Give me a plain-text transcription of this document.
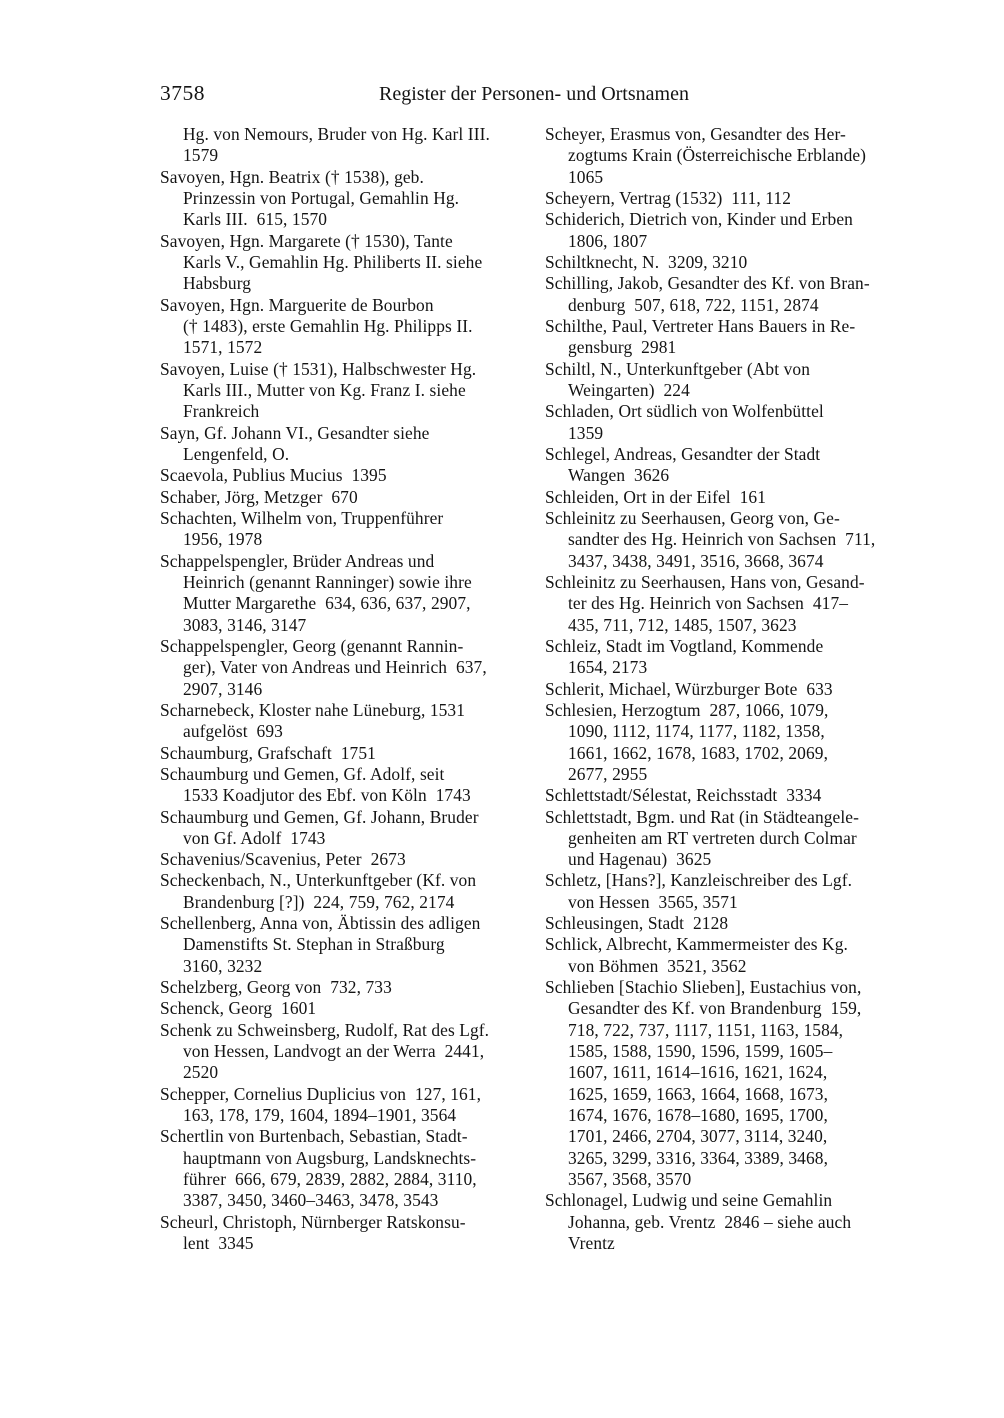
3758	Register der Personen- und Ortsnamen
Hg. von Nemours, Bruder von Hg. Karl III.
1579
Savoyen, Hgn. Beatrix († 1538), geb.
Prinzessin von Portugal, Gemahlin Hg.
Karls III.  615, 1570
Savoyen, Hgn. Margarete († 1530), Tante
Karls V., Gemahlin Hg. Philiberts II. siehe
Habsburg
Savoyen, Hgn. Marguerite de Bourbon
(† 1483), erste Gemahlin Hg. Philipps II.
1571, 1572
Savoyen, Luise († 1531), Halbschwester Hg.
Karls III., Mutter von Kg. Franz I. siehe
Frankreich
Sayn, Gf. Johann VI., Gesandter siehe
Lengenfeld, O.
Scaevola, Publius Mucius  1395
Schaber, Jörg, Metzger  670
Schachten, Wilhelm von, Truppenführer
1956, 1978
Schappelspengler, Brüder Andreas und
Heinrich (genannt Ranninger) sowie ihre
Mutter Margarethe  634, 636, 637, 2907,
3083, 3146, 3147
Schappelspengler, Georg (genannt Rannin-
ger), Vater von Andreas und Heinrich  637,
2907, 3146
Scharnebeck, Kloster nahe Lüneburg, 1531
aufgelöst  693
Schaumburg, Grafschaft  1751
Schaumburg und Gemen, Gf. Adolf, seit
1533 Koadjutor des Ebf. von Köln  1743
Schaumburg und Gemen, Gf. Johann, Bruder
von Gf. Adolf  1743
Schavenius/Scavenius, Peter  2673
Scheckenbach, N., Unterkunftgeber (Kf. von
Brandenburg [?])  224, 759, 762, 2174
Schellenberg, Anna von, Äbtissin des adligen
Damenstifts St. Stephan in Straßburg
3160, 3232
Schelzberg, Georg von  732, 733
Schenck, Georg  1601
Schenk zu Schweinsberg, Rudolf, Rat des Lgf.
von Hessen, Landvogt an der Werra  2441,
2520
Schepper, Cornelius Duplicius von  127, 161,
163, 178, 179, 1604, 1894–1901, 3564
Schertlin von Burtenbach, Sebastian, Stadt-
hauptmann von Augsburg, Landsknechts-
führer  666, 679, 2839, 2882, 2884, 3110,
3387, 3450, 3460–3463, 3478, 3543
Scheurl, Christoph, Nürnberger Ratskonsu-
lent  3345
Scheyer, Erasmus von, Gesandter des Her-
zogtums Krain (Österreichische Erblande)
1065
Scheyern, Vertrag (1532)  111, 112
Schiderich, Dietrich von, Kinder und Erben
1806, 1807
Schiltknecht, N.  3209, 3210
Schilling, Jakob, Gesandter des Kf. von Bran-
denburg  507, 618, 722, 1151, 2874
Schilthe, Paul, Vertreter Hans Bauers in Re-
gensburg  2981
Schiltl, N., Unterkunftgeber (Abt von
Weingarten)  224
Schladen, Ort südlich von Wolfenbüttel
1359
Schlegel, Andreas, Gesandter der Stadt
Wangen  3626
Schleiden, Ort in der Eifel  161
Schleinitz zu Seerhausen, Georg von, Ge-
sandter des Hg. Heinrich von Sachsen  711,
3437, 3438, 3491, 3516, 3668, 3674
Schleinitz zu Seerhausen, Hans von, Gesand-
ter des Hg. Heinrich von Sachsen  417–
435, 711, 712, 1485, 1507, 3623
Schleiz, Stadt im Vogtland, Kommende
1654, 2173
Schlerit, Michael, Würzburger Bote  633
Schlesien, Herzogtum  287, 1066, 1079,
1090, 1112, 1174, 1177, 1182, 1358,
1661, 1662, 1678, 1683, 1702, 2069,
2677, 2955
Schlettstadt/Sélestat, Reichsstadt  3334
Schlettstadt, Bgm. und Rat (in Städteangele-
genheiten am RT vertreten durch Colmar
und Hagenau)  3625
Schletz, [Hans?], Kanzleischreiber des Lgf.
von Hessen  3565, 3571
Schleusingen, Stadt  2128
Schlick, Albrecht, Kammermeister des Kg.
von Böhmen  3521, 3562
Schlieben [Stachio Slieben], Eustachius von,
Gesandter des Kf. von Brandenburg  159,
718, 722, 737, 1117, 1151, 1163, 1584,
1585, 1588, 1590, 1596, 1599, 1605–
1607, 1611, 1614–1616, 1621, 1624,
1625, 1659, 1663, 1664, 1668, 1673,
1674, 1676, 1678–1680, 1695, 1700,
1701, 2466, 2704, 3077, 3114, 3240,
3265, 3299, 3316, 3364, 3389, 3468,
3567, 3568, 3570
Schlonagel, Ludwig und seine Gemahlin
Johanna, geb. Vrentz  2846 – siehe auch
Vrentz
